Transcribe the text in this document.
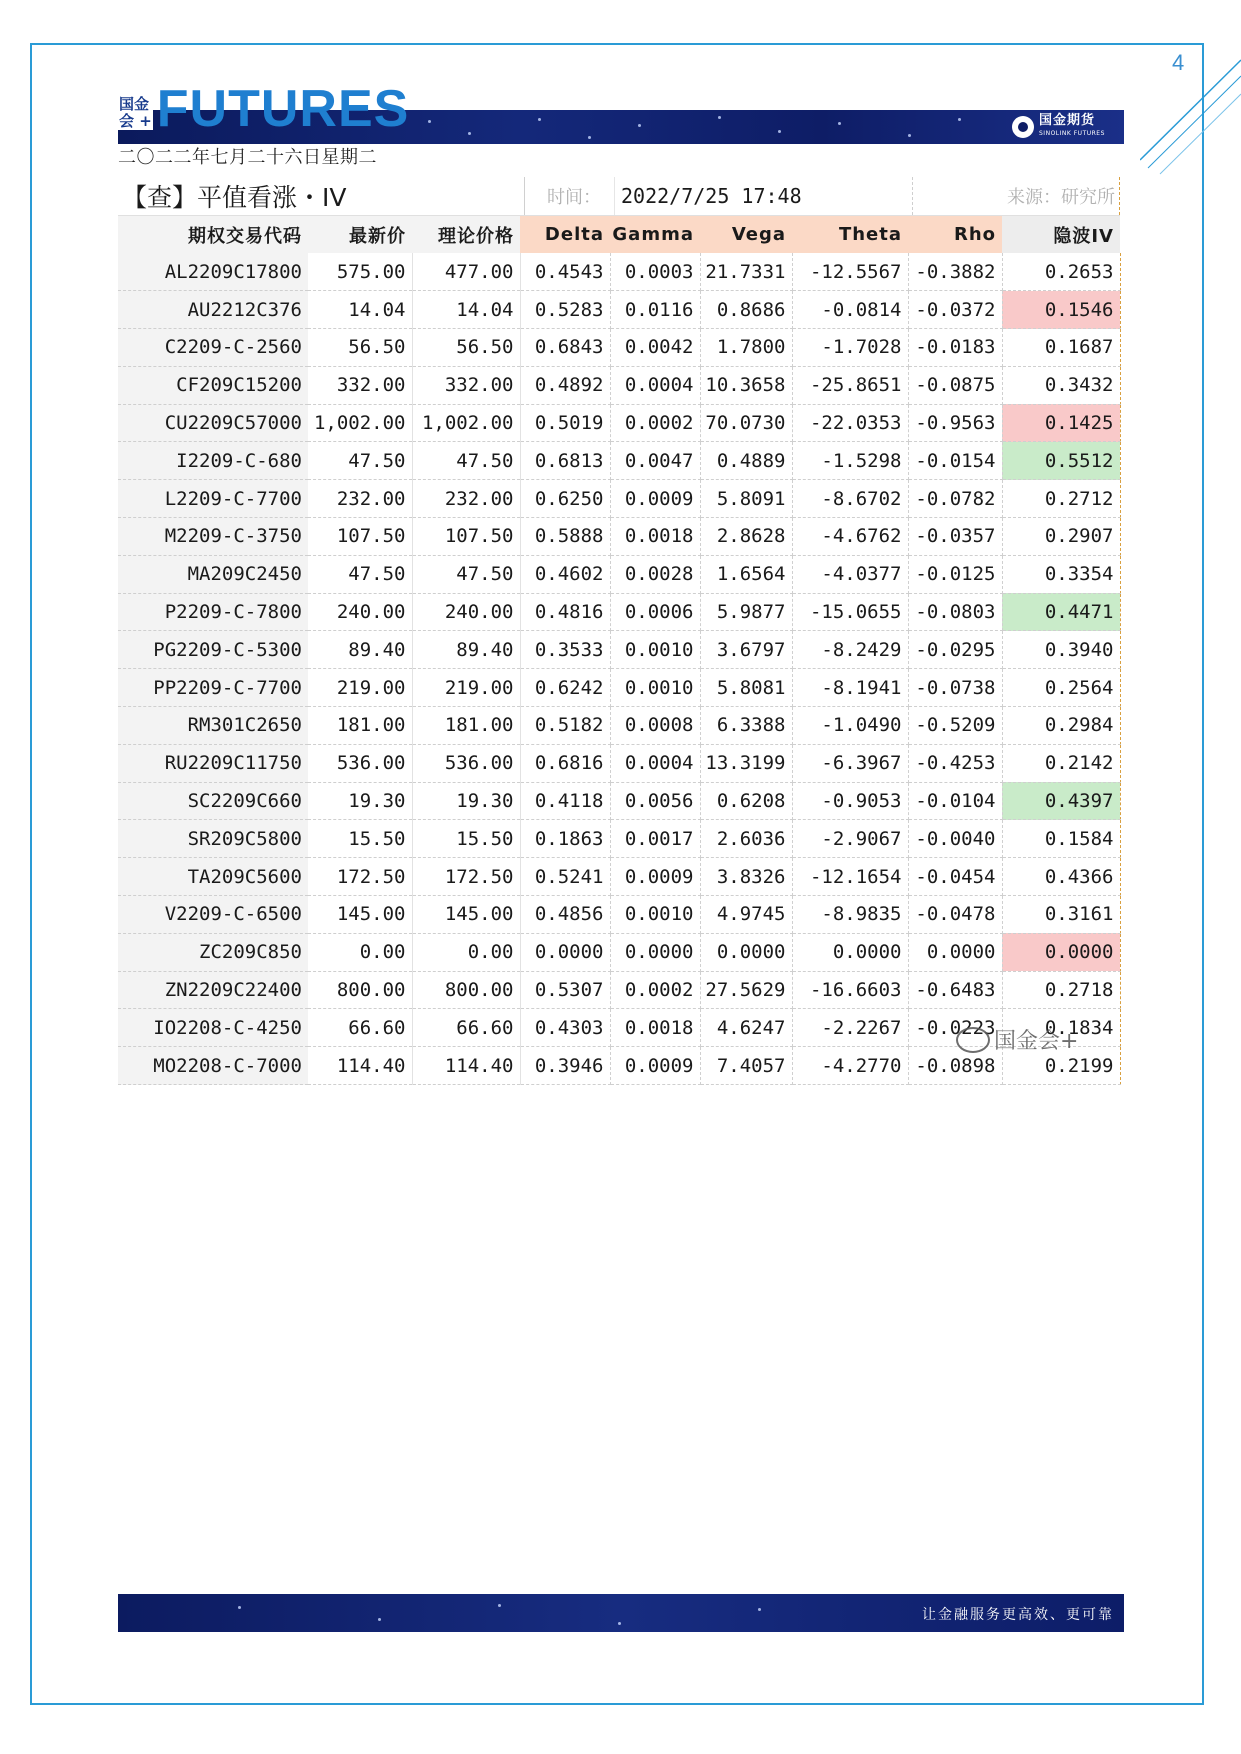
4
国金
会 + FUTURES	国金期货
SINOLINK FUTURES
二〇二二年七月二十六日星期二
【查】平值看涨・IV	时间：	2022/7/25 17:48	来源：研究所
期权交易代码	最新价	理论价格	Delta	Gamma	Vega	Theta	Rho	隐波IV
AL2209C17800	575.00	477.00	0.4543	0.0003	21.7331	-12.5567	-0.3882	0.2653
AU2212C376	14.04	14.04	0.5283	0.0116	0.8686	-0.0814	-0.0372	0.1546
C2209-C-2560	56.50	56.50	0.6843	0.0042	1.7800	-1.7028	-0.0183	0.1687
CF209C15200	332.00	332.00	0.4892	0.0004	10.3658	-25.8651	-0.0875	0.3432
CU2209C57000	1,002.00	1,002.00	0.5019	0.0002	70.0730	-22.0353	-0.9563	0.1425
I2209-C-680	47.50	47.50	0.6813	0.0047	0.4889	-1.5298	-0.0154	0.5512
L2209-C-7700	232.00	232.00	0.6250	0.0009	5.8091	-8.6702	-0.0782	0.2712
M2209-C-3750	107.50	107.50	0.5888	0.0018	2.8628	-4.6762	-0.0357	0.2907
MA209C2450	47.50	47.50	0.4602	0.0028	1.6564	-4.0377	-0.0125	0.3354
P2209-C-7800	240.00	240.00	0.4816	0.0006	5.9877	-15.0655	-0.0803	0.4471
PG2209-C-5300	89.40	89.40	0.3533	0.0010	3.6797	-8.2429	-0.0295	0.3940
PP2209-C-7700	219.00	219.00	0.6242	0.0010	5.8081	-8.1941	-0.0738	0.2564
RM301C2650	181.00	181.00	0.5182	0.0008	6.3388	-1.0490	-0.5209	0.2984
RU2209C11750	536.00	536.00	0.6816	0.0004	13.3199	-6.3967	-0.4253	0.2142
SC2209C660	19.30	19.30	0.4118	0.0056	0.6208	-0.9053	-0.0104	0.4397
SR209C5800	15.50	15.50	0.1863	0.0017	2.6036	-2.9067	-0.0040	0.1584
TA209C5600	172.50	172.50	0.5241	0.0009	3.8326	-12.1654	-0.0454	0.4366
V2209-C-6500	145.00	145.00	0.4856	0.0010	4.9745	-8.9835	-0.0478	0.3161
ZC209C850	0.00	0.00	0.0000	0.0000	0.0000	0.0000	0.0000	0.0000
ZN2209C22400	800.00	800.00	0.5307	0.0002	27.5629	-16.6603	-0.6483	0.2718
IO2208-C-4250	66.60	66.60	0.4303	0.0018	4.6247	-2.2267	-0.0223	0.1834
MO2208-C-7000	114.40	114.40	0.3946	0.0009	7.4057	-4.2770	-0.0898	0.2199
国金会+
让金融服务更高效、更可靠
